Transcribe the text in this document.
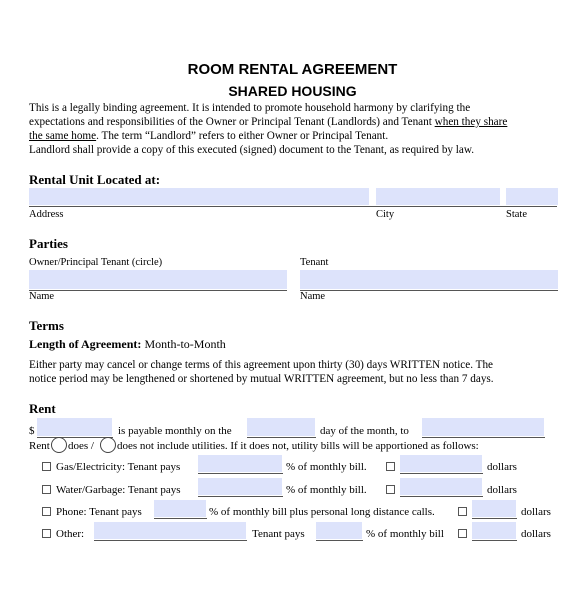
ROOM RENTAL AGREEMENT
SHARED HOUSING
This is a legally binding agreement. It is intended to promote household harmony by clarifying the
expectations and responsibilities of the Owner or Principal Tenant (Landlords) and Tenant when they share
the same home. The term “Landlord” refers to either Owner or Principal Tenant.
Landlord shall provide a copy of this executed (signed) document to the Tenant, as required by law.
Rental Unit Located at:
Address	City	State
Parties
Owner/Principal Tenant (circle)	Tenant
Name	Name
Terms
Length of Agreement: Month-to-Month
Either party may cancel or change terms of this agreement upon thirty (30) days WRITTEN notice. The
notice period may be lengthened or shortened by mutual WRITTEN agreement, but no less than 7 days.
Rent
$	is payable monthly on the	day of the month, to
Rent does / does not include utilities. If it does not, utility bills will be apportioned as follows:
Gas/Electricity: Tenant pays	% of monthly bill.	dollars
Water/Garbage: Tenant pays	% of monthly bill.	dollars
Phone: Tenant pays	% of monthly bill plus personal long distance calls.	dollars
Other:	Tenant pays	% of monthly bill	dollars
